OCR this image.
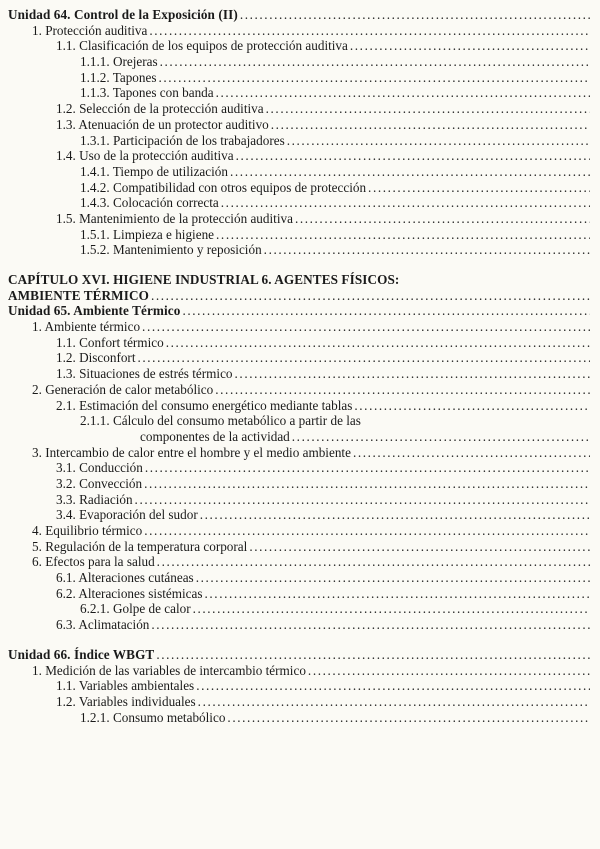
Unidad 64. Control de la Exposición (II)
.....
1. Protección auditiva
.....
1.1. Clasificación de los equipos de protección auditiva
.....
1.1.1. Orejeras
.....
1.1.2. Tapones
.....
1.1.3. Tapones con banda
.....
1.2. Selección de la protección auditiva
.....
1.3. Atenuación de un protector auditivo
.....
1.3.1. Participación de los trabajadores
.....
1.4. Uso de la protección auditiva
.....
1.4.1. Tiempo de utilización
.....
1.4.2. Compatibilidad con otros equipos de protección
.....
1.4.3. Colocación correcta
.....
1.5. Mantenimiento de la protección auditiva
.....
1.5.1. Limpieza e higiene
.....
1.5.2. Mantenimiento y reposición
.....
CAPÍTULO XVI. HIGIENE INDUSTRIAL 6. AGENTES FÍSICOS:
AMBIENTE TÉRMICO
.....
Unidad 65. Ambiente Térmico
.....
1. Ambiente térmico
.....
1.1. Confort térmico
.....
1.2. Disconfort
.....
1.3. Situaciones de estrés térmico
.....
2. Generación de calor metabólico
.....
2.1. Estimación del consumo energético mediante tablas
.....
2.1.1. Cálculo del consumo metabólico a partir de las
componentes de la actividad
.....
3. Intercambio de calor entre el hombre y el medio ambiente
.....
3.1. Conducción
.....
3.2. Convección
.....
3.3. Radiación
.....
3.4. Evaporación del sudor
.....
4. Equilibrio térmico
.....
5. Regulación de la temperatura corporal
.....
6. Efectos para la salud
.....
6.1. Alteraciones cutáneas
.....
6.2. Alteraciones sistémicas
.....
6.2.1. Golpe de calor
.....
6.3. Aclimatación
.....
Unidad 66. Índice WBGT
.....
1. Medición de las variables de intercambio térmico
.....
1.1. Variables ambientales
.....
1.2. Variables individuales
.....
1.2.1. Consumo metabólico
.....
